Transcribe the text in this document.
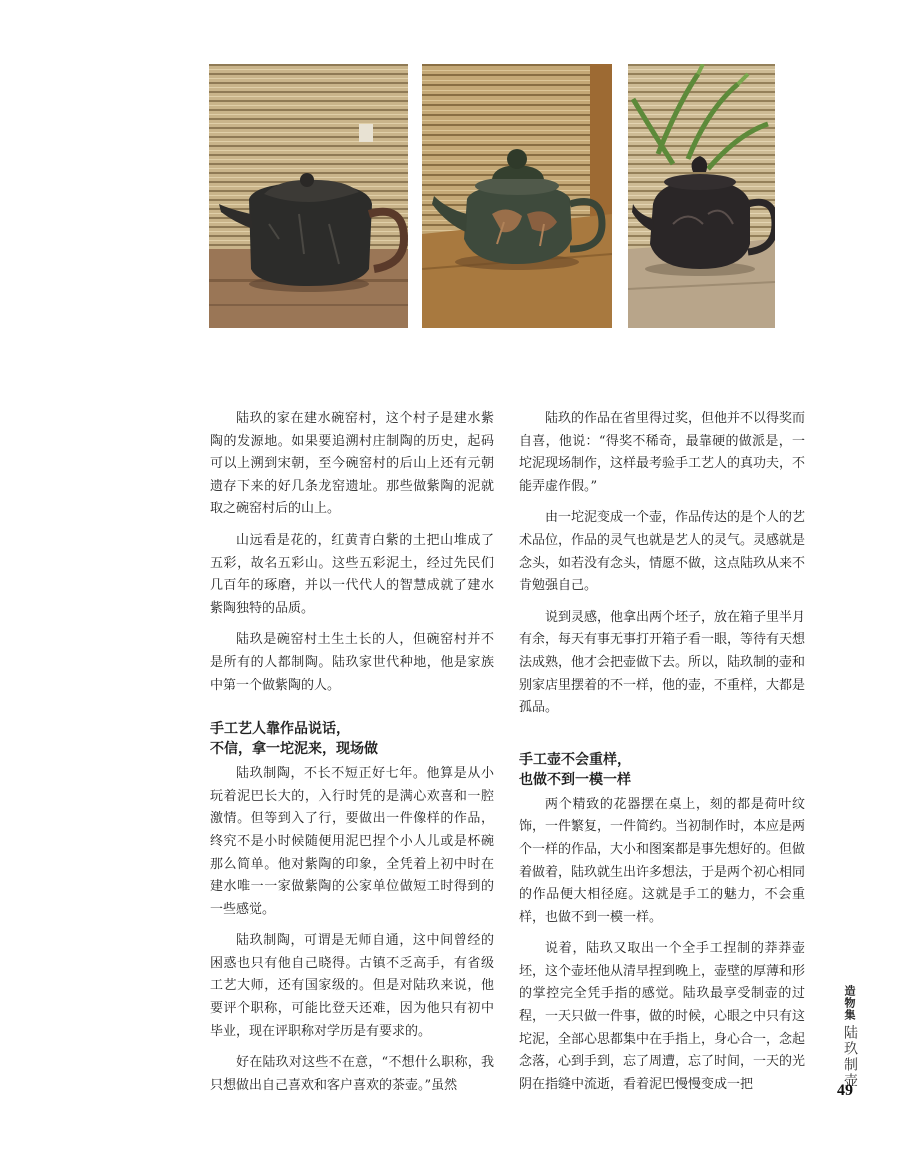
陆玖的家在建水碗窑村，这个村子是建水紫陶的发源地。如果要追溯村庄制陶的历史，起码可以上溯到宋朝，至今碗窑村的后山上还有元朝遗存下来的好几条龙窑遗址。那些做紫陶的泥就取之碗窑村后的山上。

山远看是花的，红黄青白紫的土把山堆成了五彩，故名五彩山。这些五彩泥土，经过先民们几百年的琢磨，并以一代代人的智慧成就了建水紫陶独特的品质。

陆玖是碗窑村土生土长的人，但碗窑村并不是所有的人都制陶。陆玖家世代种地，他是家族中第一个做紫陶的人。

手工艺人靠作品说话，
不信，拿一坨泥来，现场做

陆玖制陶，不长不短正好七年。他算是从小玩着泥巴长大的，入行时凭的是满心欢喜和一腔激情。但等到入了行，要做出一件像样的作品，终究不是小时候随便用泥巴捏个小人儿或是杯碗那么简单。他对紫陶的印象，全凭着上初中时在建水唯一一家做紫陶的公家单位做短工时得到的一些感觉。

陆玖制陶，可谓是无师自通，这中间曾经的困惑也只有他自己晓得。古镇不乏高手，有省级工艺大师，还有国家级的。但是对陆玖来说，他要评个职称，可能比登天还难，因为他只有初中毕业，现在评职称对学历是有要求的。

好在陆玖对这些不在意，“不想什么职称，我只想做出自己喜欢和客户喜欢的茶壶。”虽然

陆玖的作品在省里得过奖，但他并不以得奖而自喜，他说：“得奖不稀奇，最靠硬的做派是，一坨泥现场制作，这样最考验手工艺人的真功夫，不能弄虚作假。”

由一坨泥变成一个壶，作品传达的是个人的艺术品位，作品的灵气也就是艺人的灵气。灵感就是念头，如若没有念头，情愿不做，这点陆玖从来不肯勉强自己。

说到灵感，他拿出两个坯子，放在箱子里半月有余，每天有事无事打开箱子看一眼，等待有天想法成熟，他才会把壶做下去。所以，陆玖制的壶和别家店里摆着的不一样，他的壶，不重样，大都是孤品。

手工壶不会重样，
也做不到一模一样

两个精致的花器摆在桌上，刻的都是荷叶纹饰，一件繁复，一件简约。当初制作时，本应是两个一样的作品，大小和图案都是事先想好的。但做着做着，陆玖就生出许多想法，于是两个初心相同的作品便大相径庭。这就是手工的魅力，不会重样，也做不到一模一样。

说着，陆玖又取出一个全手工捏制的莽莽壶坯，这个壶坯他从清早捏到晚上，壶壁的厚薄和形的掌控完全凭手指的感觉。陆玖最享受制壶的过程，一天只做一件事，做的时候，心眼之中只有这坨泥，全部心思都集中在手指上，身心合一，念起念落，心到手到，忘了周遭，忘了时间，一天的光阴在指缝中流逝，看着泥巴慢慢变成一把

造物集 陆玖制壶
49
